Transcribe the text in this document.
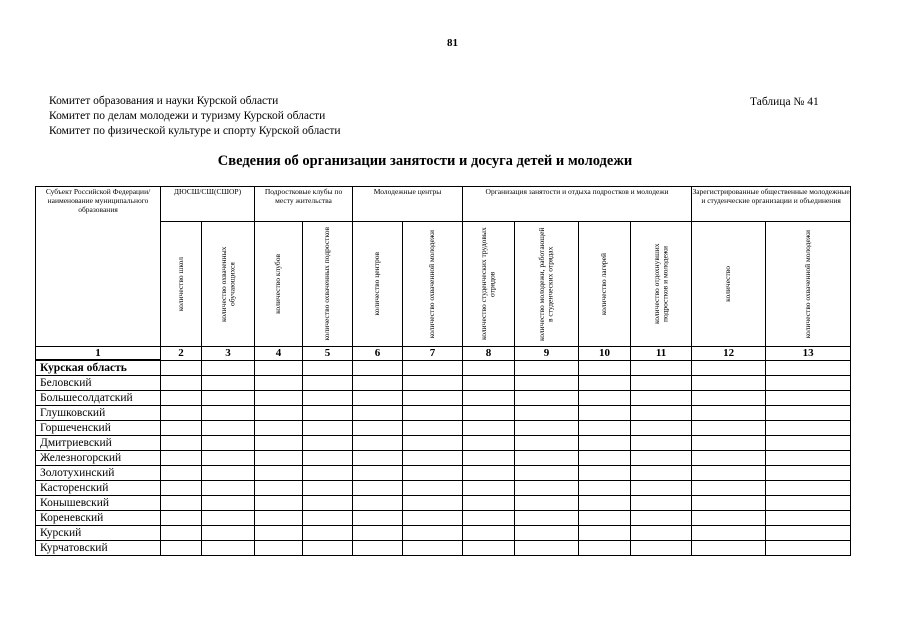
81
Комитет образования и науки Курской области
Комитет по делам молодежи и туризму Курской области
Комитет по физической культуре и спорту Курской области
Таблица № 41
Сведения об организации занятости и досуга детей и молодежи
Субъект Российской Федерации/наименование муниципального образования	ДЮСШ/СШ(СШОР)		Подростковые клубы по месту жительства		Молодежные центры		Организация занятости и отдыха подростков и молодежи				Зарегистрированные общественные молодежные и студенческие организации и объединения	

	количество школ	количество охваченных обучающихся	количество клубов	количество охваченных подростков	количество центров	количество охваченной молодежи	количество студенческих трудовых отрядов	количество молодежи, работающей в студенческих отрядах	количество лагерей	количество отдохнувших подростков и молодежи	количество	количество охваченной молодежи

1	2	3	4	5	6	7	8	9	10	11	12	13
Курская область												
Беловский												
Большесолдатский												
Глушковский												
Горшеченский												
Дмитриевский												
Железногорский												
Золотухинский												
Касторенский												
Конышевский												
Кореневский												
Курский												
Курчатовский												
